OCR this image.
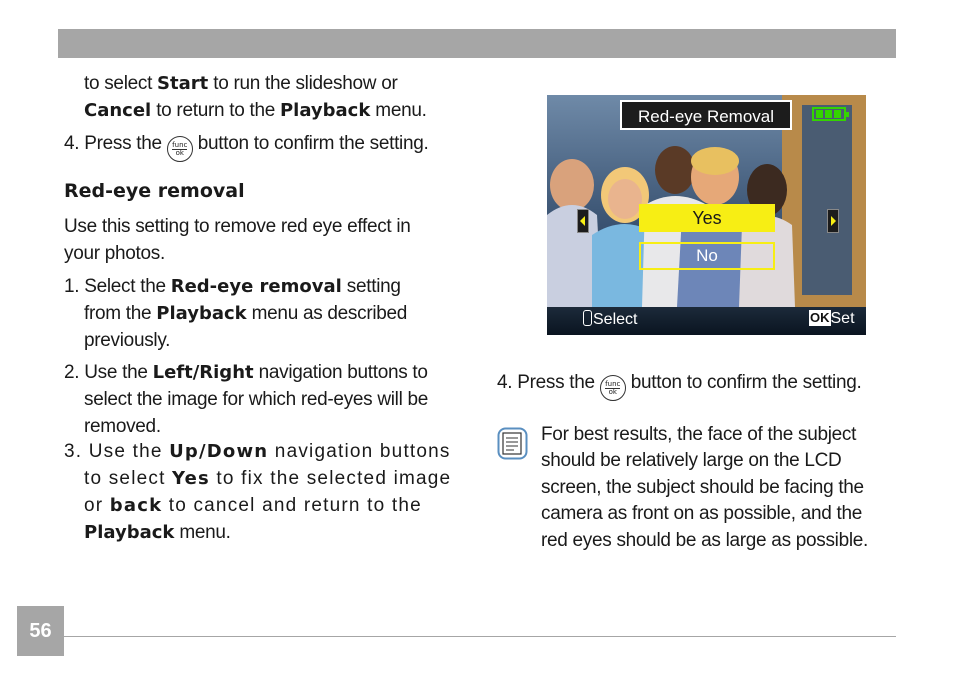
to select Start to run the slideshow or

Cancel to return to the Playback menu.

4. Press the func
ok button to confirm the setting.

Red-eye removal

Use this setting to remove red eye effect in

your photos.

1. Select the Red-eye removal setting

from the Playback menu as described

previously.

2. Use the Left/Right navigation buttons to

select the image for which red-eyes will be

removed.

3. Use the Up/Down navigation buttons

to select Yes to fix the selected image

or back to cancel and return to the

Playback menu.

Red-eye Removal
Yes
No
Select	OKSet

4. Press the func
ok button to confirm the setting.

For best results, the face of the subject

should be relatively large on the LCD

screen, the subject should be facing the

camera as front on as possible, and the

red eyes should be as large as possible.

56
